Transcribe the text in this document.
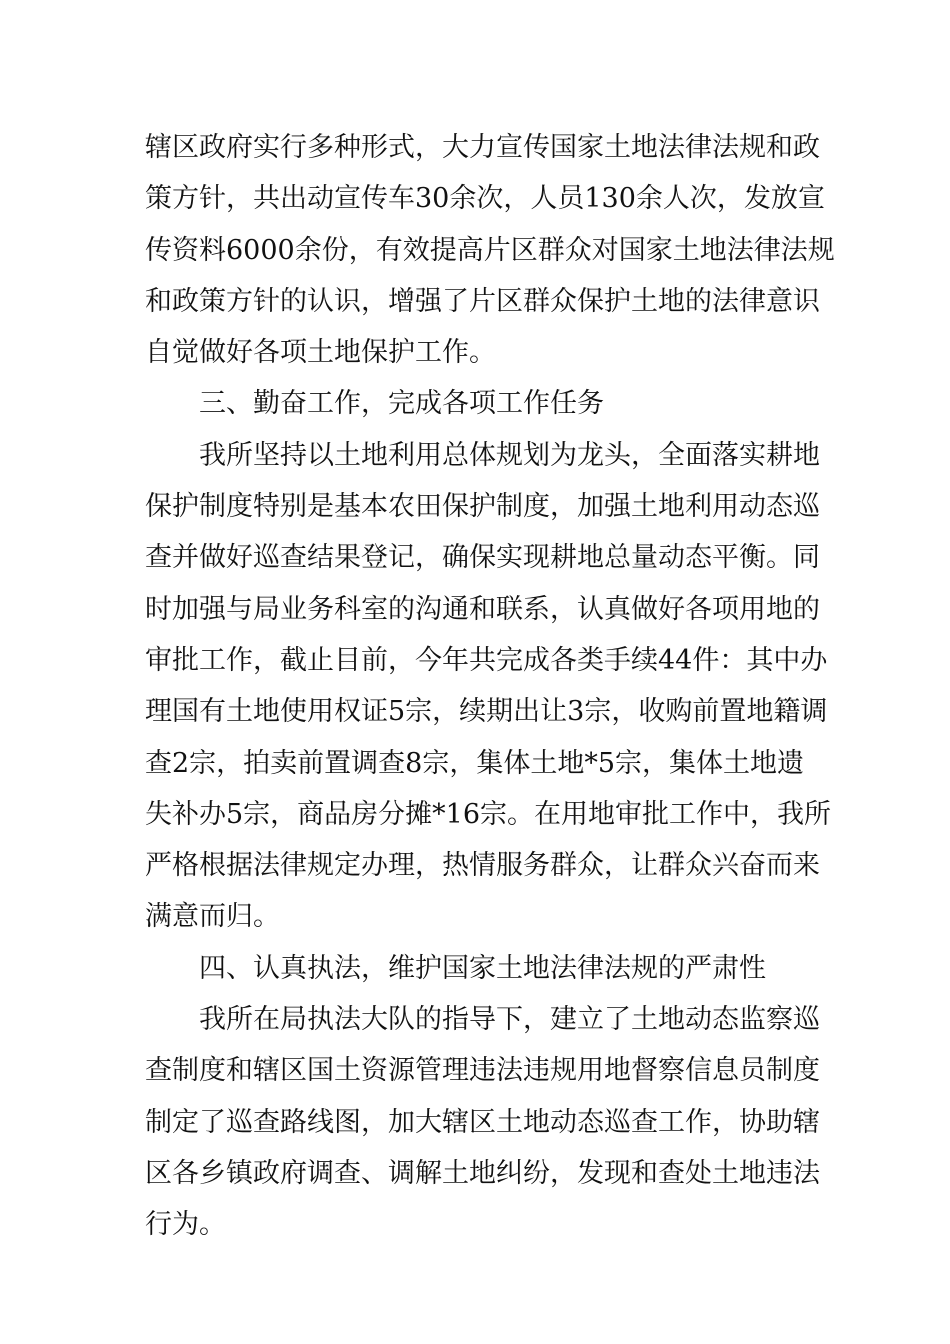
辖区政府实行多种形式，大力宣传国家土地法律法规和政
策方针，共出动宣传车30余次，人员130余人次，发放宣
传资料6000余份，有效提高片区群众对国家土地法律法规
和政策方针的认识，增强了片区群众保护土地的法律意识
自觉做好各项土地保护工作。
三、勤奋工作，完成各项工作任务
我所坚持以土地利用总体规划为龙头，全面落实耕地
保护制度特别是基本农田保护制度，加强土地利用动态巡
查并做好巡查结果登记，确保实现耕地总量动态平衡。同
时加强与局业务科室的沟通和联系，认真做好各项用地的
审批工作，截止目前，今年共完成各类手续44件：其中办
理国有土地使用权证5宗，续期出让3宗，收购前置地籍调
查2宗，拍卖前置调查8宗，集体土地*5宗，集体土地遗
失补办5宗，商品房分摊*16宗。在用地审批工作中，我所
严格根据法律规定办理，热情服务群众，让群众兴奋而来
满意而归。
四、认真执法，维护国家土地法律法规的严肃性
我所在局执法大队的指导下，建立了土地动态监察巡
查制度和辖区国土资源管理违法违规用地督察信息员制度
制定了巡查路线图，加大辖区土地动态巡查工作，协助辖
区各乡镇政府调查、调解土地纠纷，发现和查处土地违法
行为。
